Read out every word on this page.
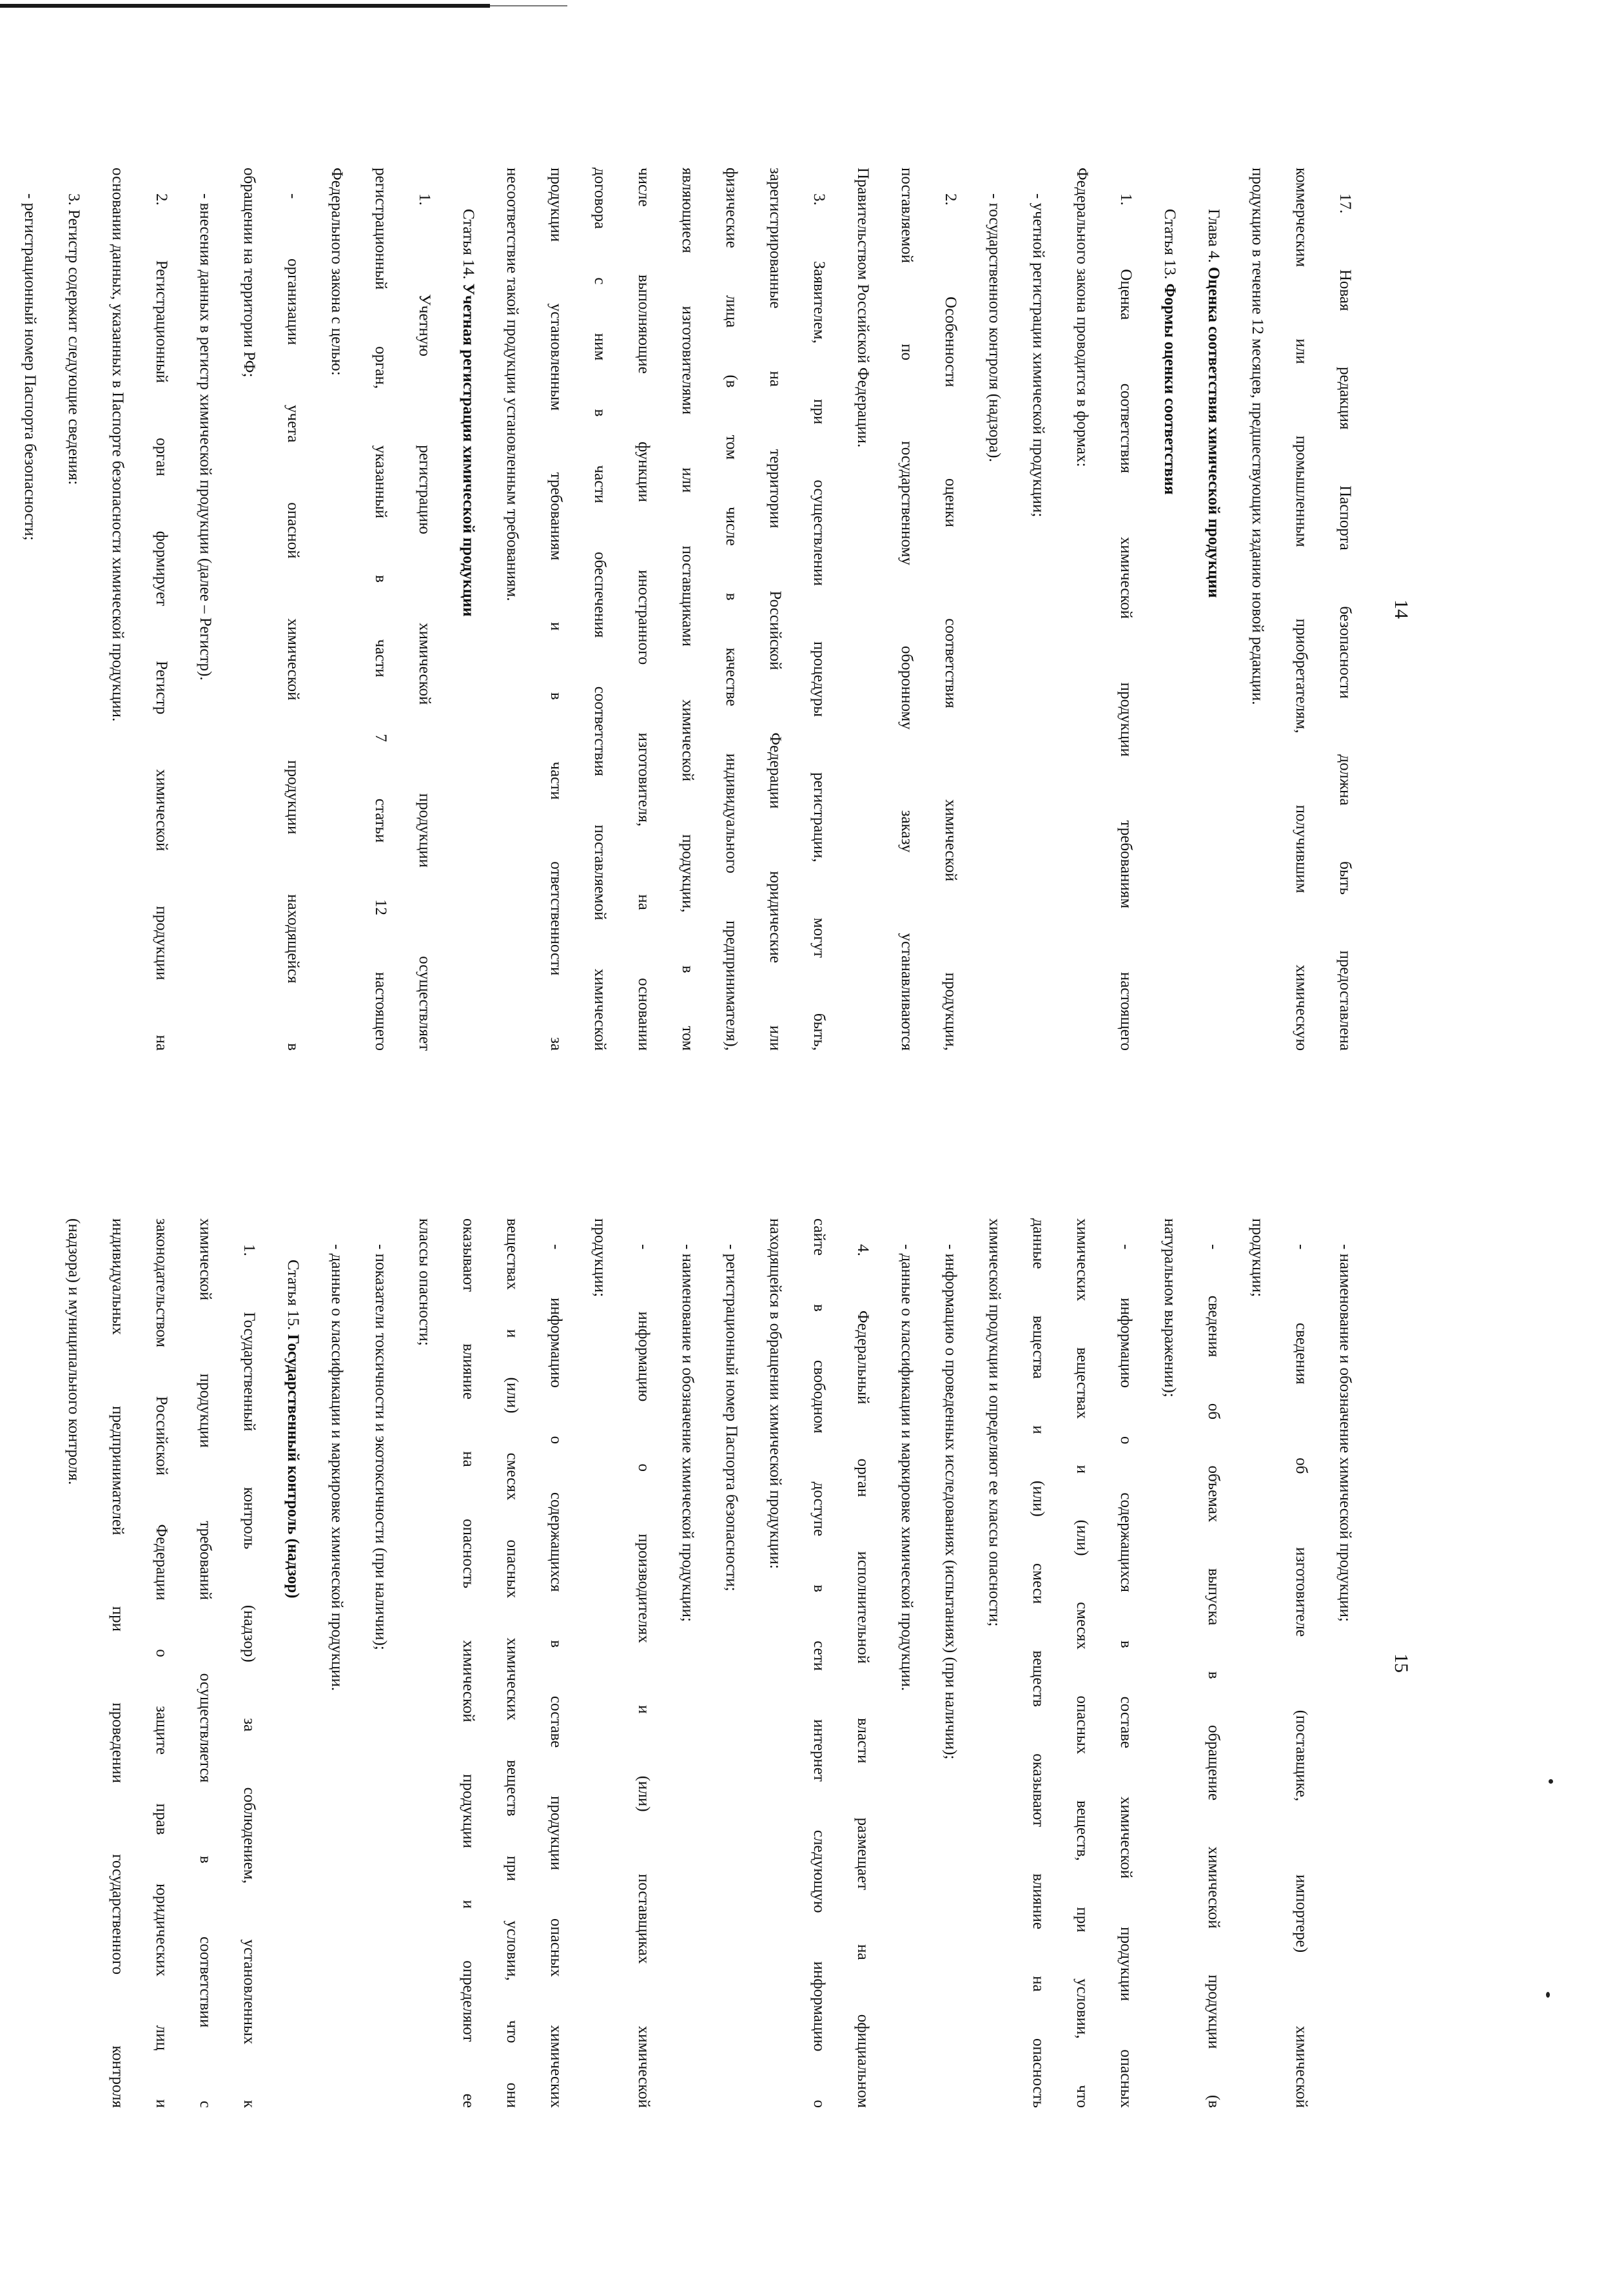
14
17. Новая редакция Паспорта безопасности должна быть предоставлена
коммерческим или промышленным приобретателям, получившим химическую
продукцию в течение 12 месяцев, предшествующих изданию новой редакции.
Глава 4. Оценка соответствия химической продукции
Статья 13. Формы оценки соответствия
1. Оценка соответствия химической продукции требованиям настоящего
Федерального закона проводится в формах:
- учетной регистрации химической продукции;
- государственного контроля (надзора).
2. Особенности оценки соответствия химической продукции,
поставляемой по государственному оборонному заказу устанавливаются
Правительством Российской Федерации.
3. Заявителем, при осуществлении процедуры регистрации, могут быть,
зарегистрированные на территории Российской Федерации юридические или
физические лица (в том числе в качестве индивидуального предпринимателя),
являющиеся изготовителями или поставщиками химической продукции, в том
числе выполняющие функции иностранного изготовителя, на основании
договора с ним в части обеспечения соответствия поставляемой химической
продукции установленным требованиям и в части ответственности за
несоответствие такой продукции установленным требованиям.
Статья 14. Учетная регистрация химической продукции
1. Учетную регистрацию химической продукции осуществляет
регистрационный орган, указанный в части 7 статьи 12 настоящего
Федерального закона с целью:
- организации учета опасной химической продукции находящейся в
обращении на территории РФ;
- внесения данных в регистр химической продукции (далее – Регистр).
2. Регистрационный орган формирует Регистр химической продукции на
основании данных, указанных в Паспорте безопасности химической продукции.
3. Регистр содержит следующие сведения:
- регистрационный номер Паспорта безопасности;
15
- наименование и обозначение химической продукции;
- сведения об изготовителе (поставщике, импортере) химической
продукции;
- сведения об объемах выпуска в обращение химической продукции (в
натуральном выражении);
- информацию о содержащихся в составе химической продукции опасных
химических веществах и (или) смесях опасных веществ, при условии, что
данные вещества и (или) смеси веществ оказывают влияние на опасность
химической продукции и определяют ее классы опасности;
- информацию о проведенных исследованиях (испытаниях) (при наличии);
- данные о классификации и маркировке химической продукции.
4. Федеральный орган исполнительной власти размещает на официальном
сайте в свободном доступе в сети интернет следующую информацию о
находящейся в обращении химической продукции:
- регистрационный номер Паспорта безопасности;
- наименование и обозначение химической продукции;
- информацию о производителях и (или) поставщиках химической
продукции;
- информацию о содержащихся в составе продукции опасных химических
веществах и (или) смесях опасных химических веществ при условии, что они
оказывают влияние на опасность химической продукции и определяют ее
классы опасности;
- показатели токсичности и экотоксичности (при наличии);
- данные о классификации и маркировке химической продукции.
Статья 15. Государственный контроль (надзор)
1. Государственный контроль (надзор) за соблюдением, установленных к
химической продукции требований осуществляется в соответствии с
законодательством Российской Федерации о защите прав юридических лиц и
индивидуальных предпринимателей при проведении государственного контроля
(надзора) и муниципального контроля.
